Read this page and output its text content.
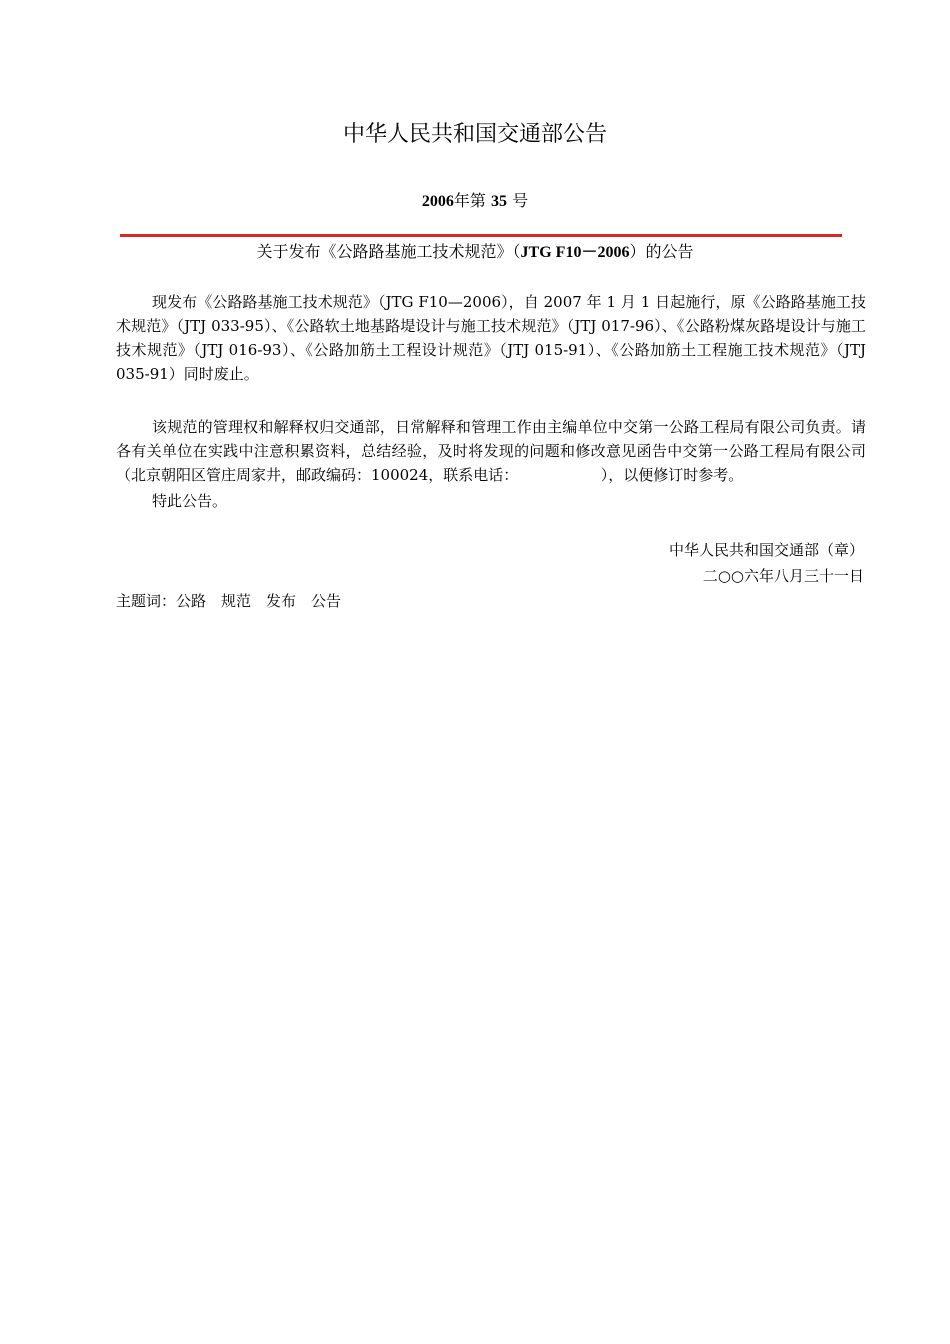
中华人民共和国交通部公告
2006年第 35 号
关于发布《公路路基施工技术规范》（JTG F10－2006）的公告
现发布《公路路基施工技术规范》（JTG F10—2006），自 2007 年 1 月 1 日起施行，原《公路路基施工技术规范》（JTJ 033-95）、《公路软土地基路堤设计与施工技术规范》（JTJ 017-96）、《公路粉煤灰路堤设计与施工技术规范》（JTJ 016-93）、《公路加筋土工程设计规范》（JTJ 015-91）、《公路加筋土工程施工技术规范》（JTJ 035-91）同时废止。
该规范的管理权和解释权归交通部，日常解释和管理工作由主编单位中交第一公路工程局有限公司负责。请各有关单位在实践中注意积累资料，总结经验，及时将发现的问题和修改意见函告中交第一公路工程局有限公司（北京朝阳区管庄周家井，邮政编码：100024，联系电话：　　　　　　），以便修订时参考。
特此公告。
中华人民共和国交通部（章）
二○○六年八月三十一日
主题词：公路　规范　发布　公告
